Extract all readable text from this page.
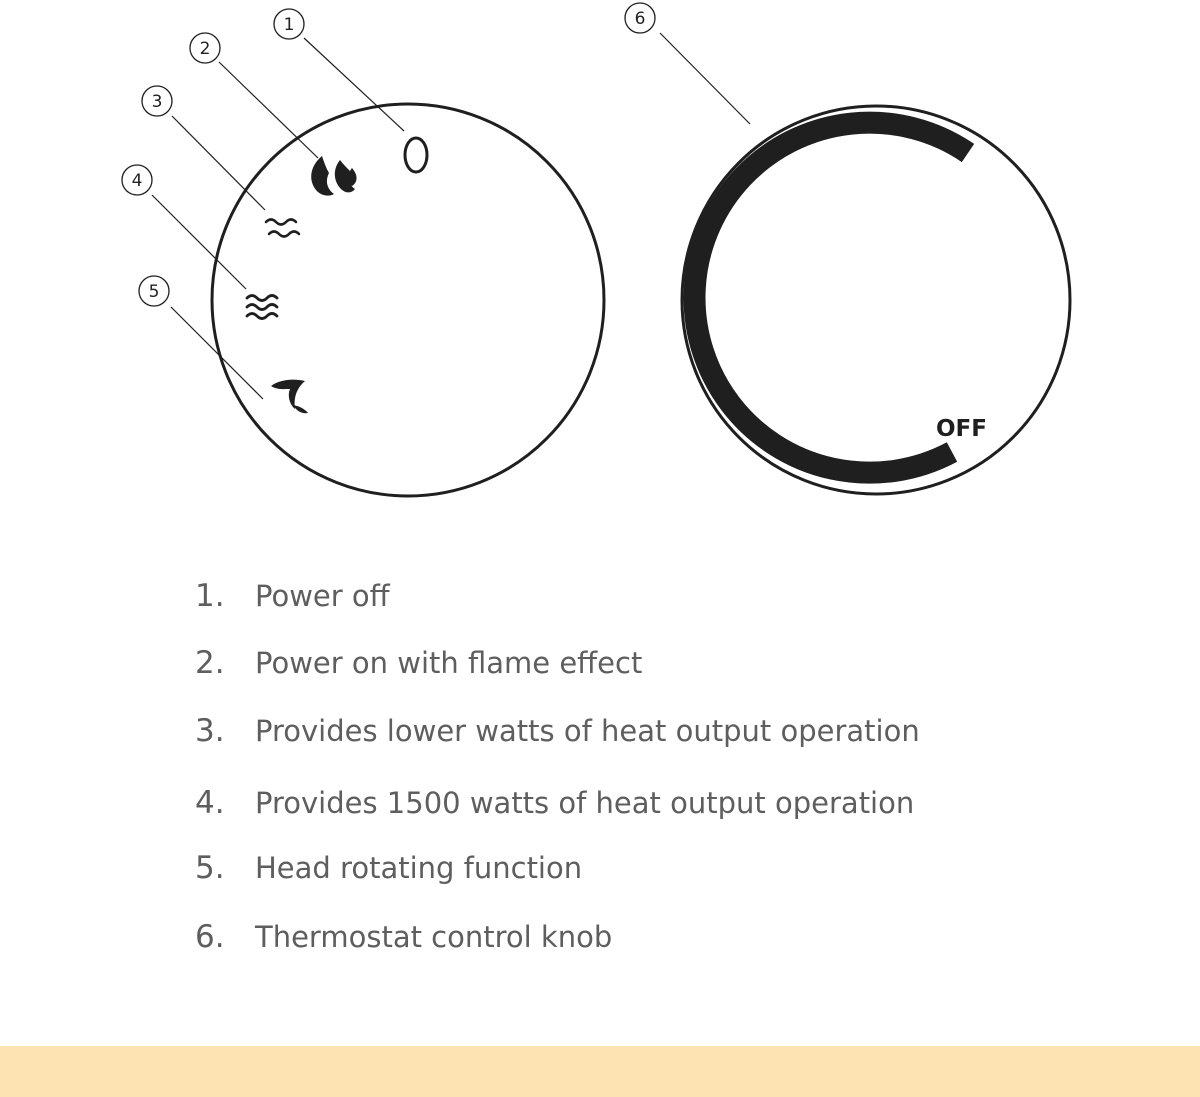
1
2
3
4
5
6
OFF
1. Power off
2. Power on with flame effect
3. Provides lower watts of heat output operation
4. Provides 1500 watts of heat output operation
5. Head rotating function
6. Thermostat control knob
